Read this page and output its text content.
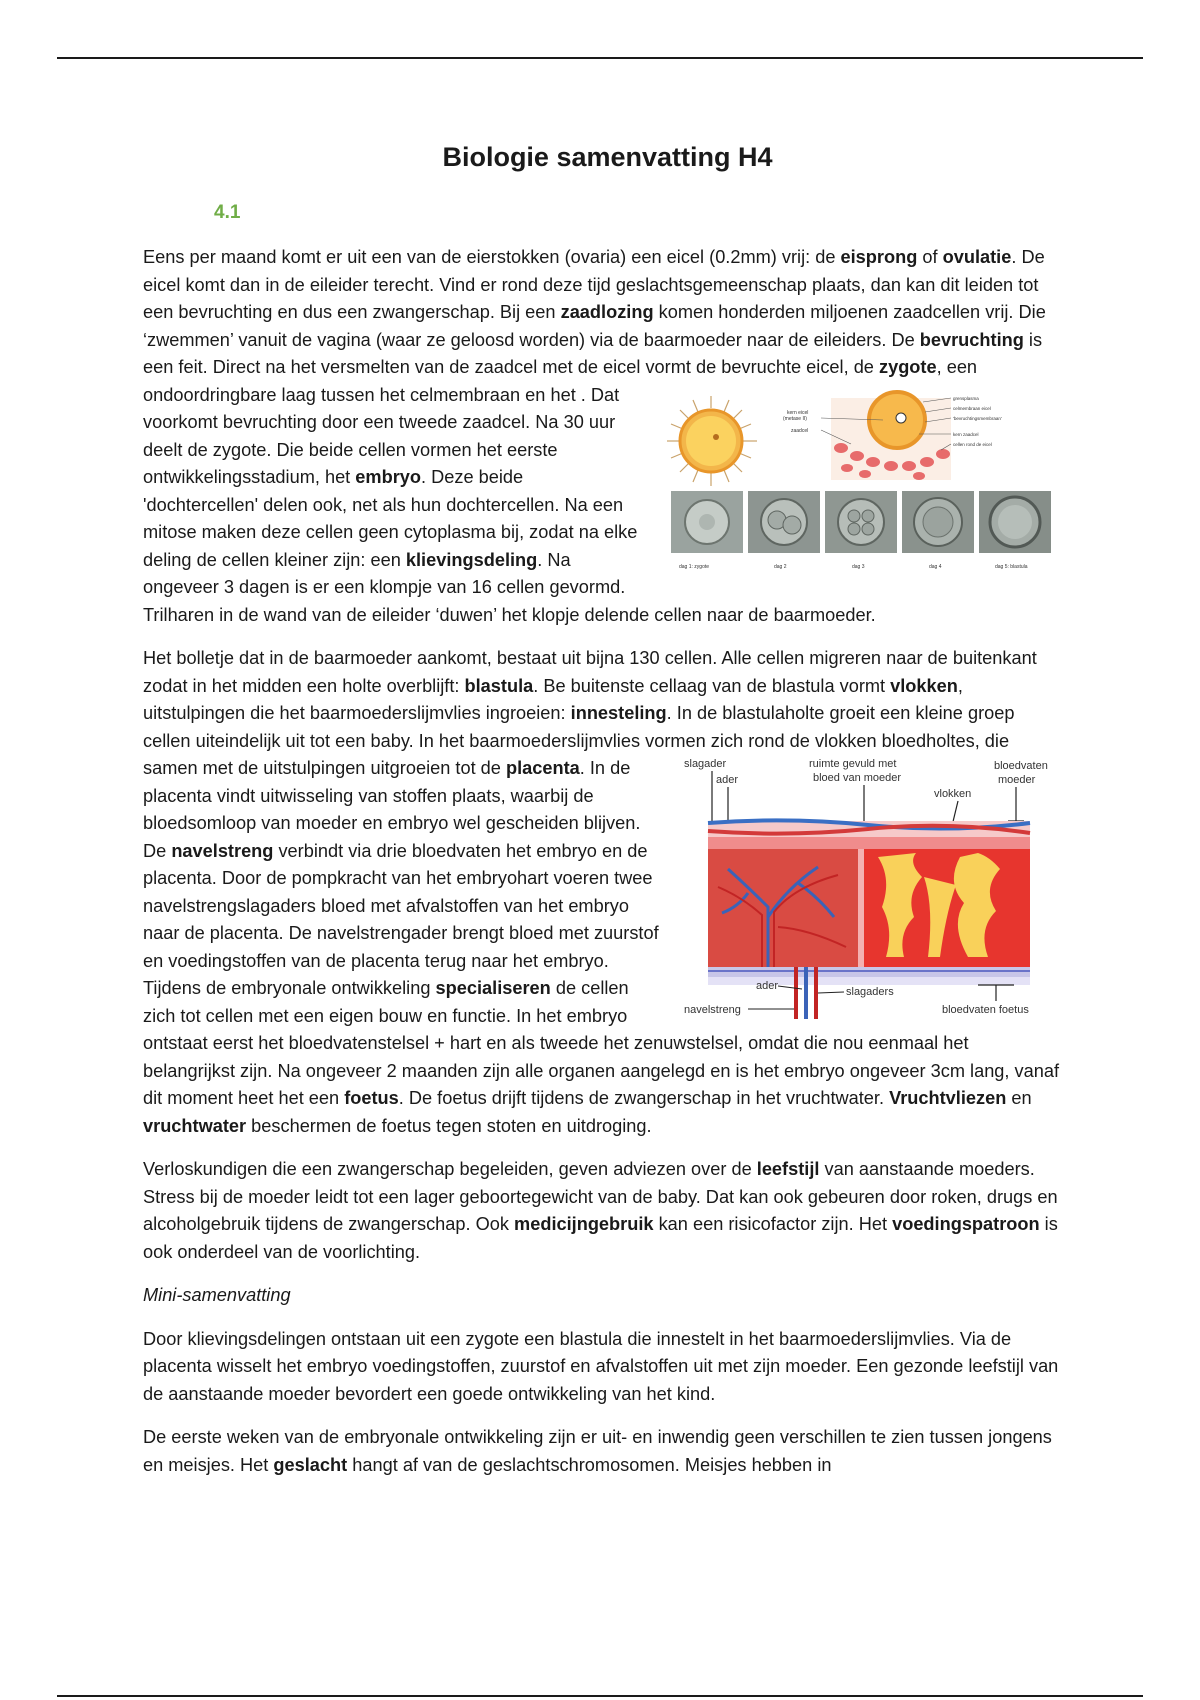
Biologie samenvatting H4
4.1

Eens per maand komt er uit een van de eierstokken (ovaria) een eicel (0.2mm) vrij: de eisprong of ovulatie. De eicel komt dan in de eileider terecht. Vind er rond deze tijd geslachtsgemeenschap plaats, dan kan dit leiden tot een bevruchting en dus een zwangerschap. Bij een zaadlozing komen honderden miljoenen zaadcellen vrij. Die ‘zwemmen’ vanuit de vagina (waar ze geloosd worden) via de baarmoeder naar de eileiders. De bevruchting is een feit. Direct na het versmelten van de zaadcel met de eicel vormt de bevruchte eicel, de zygote, een ondoordringbare laag tussen het celmembraan en het
kern eicel
(metase II)
zaadcel
grensplasma
celmembraan eicel
'bevruchtingsmembraan'
kern zaadcel
cellen rond de eicel
dag 1: zygote	dag 2	dag 3	dag 4	dag 5: blastula
. Dat voorkomt bevruchting door een tweede zaadcel. Na 30 uur deelt de zygote. Die beide cellen vormen het eerste ontwikkelingsstadium, het embryo. Deze beide 'dochtercellen' delen ook, net als hun dochtercellen. Na een mitose maken deze cellen geen cytoplasma bij, zodat na elke deling de cellen kleiner zijn: een klievingsdeling. Na ongeveer 3 dagen is er een klompje van 16 cellen gevormd. Trilharen in de wand van de eileider ‘duwen’ het klopje delende cellen naar de baarmoeder.

Het bolletje dat in de baarmoeder aankomt, bestaat uit bijna 130 cellen. Alle cellen migreren naar de buitenkant zodat in het midden een holte overblijft: blastula. Be buitenste cellaag van de blastula vormt vlokken, uitstulpingen die het baarmoederslijmvlies ingroeien: innesteling. In de blastulaholte groeit een kleine groep cellen uiteindelijk uit tot een baby. In het baarmoederslijmvlies vormen zich rond de vlokken bloedholtes, die samen met de uitstulpingen uitgroeien tot de placenta	slagader
ader
ruimte gevuld met
bloed van moeder
bloedvaten
moeder
vlokken
ader	slagaders
navelstreng	bloedvaten foetus
. In de placenta vindt uitwisseling van stoffen plaats, waarbij de bloedsomloop van moeder en embryo wel gescheiden blijven. De navelstreng verbindt via drie bloedvaten het embryo en de placenta. Door de pompkracht van het embryohart voeren twee navelstrengslagaders bloed met afvalstoffen van het embryo naar de placenta. De navelstrengader brengt bloed met zuurstof en voedingstoffen van de placenta terug naar het embryo. Tijdens de embryonale ontwikkeling specialiseren de cellen zich tot cellen met een eigen bouw en functie. In het embryo ontstaat eerst het bloedvatenstelsel + hart en als tweede het zenuwstelsel, omdat die nou eenmaal het belangrijkst zijn. Na ongeveer 2 maanden zijn alle organen aangelegd en is het embryo ongeveer 3cm lang, vanaf dit moment heet het een foetus. De foetus drijft tijdens de zwangerschap in het vruchtwater. Vruchtvliezen en vruchtwater beschermen de foetus tegen stoten en uitdroging.

Verloskundigen die een zwangerschap begeleiden, geven adviezen over de leefstijl van aanstaande moeders. Stress bij de moeder leidt tot een lager geboortegewicht van de baby. Dat kan ook gebeuren door roken, drugs en alcoholgebruik tijdens de zwangerschap. Ook medicijngebruik kan een risicofactor zijn. Het voedingspatroon is ook onderdeel van de voorlichting.

Mini-samenvatting

Door klievingsdelingen ontstaan uit een zygote een blastula die innestelt in het baarmoederslijmvlies. Via de placenta wisselt het embryo voedingstoffen, zuurstof en afvalstoffen uit met zijn moeder. Een gezonde leefstijl van de aanstaande moeder bevordert een goede ontwikkeling van het kind.

De eerste weken van de embryonale ontwikkeling zijn er uit- en inwendig geen verschillen te zien tussen jongens en meisjes. Het geslacht hangt af van de geslachtschromosomen. Meisjes hebben in
